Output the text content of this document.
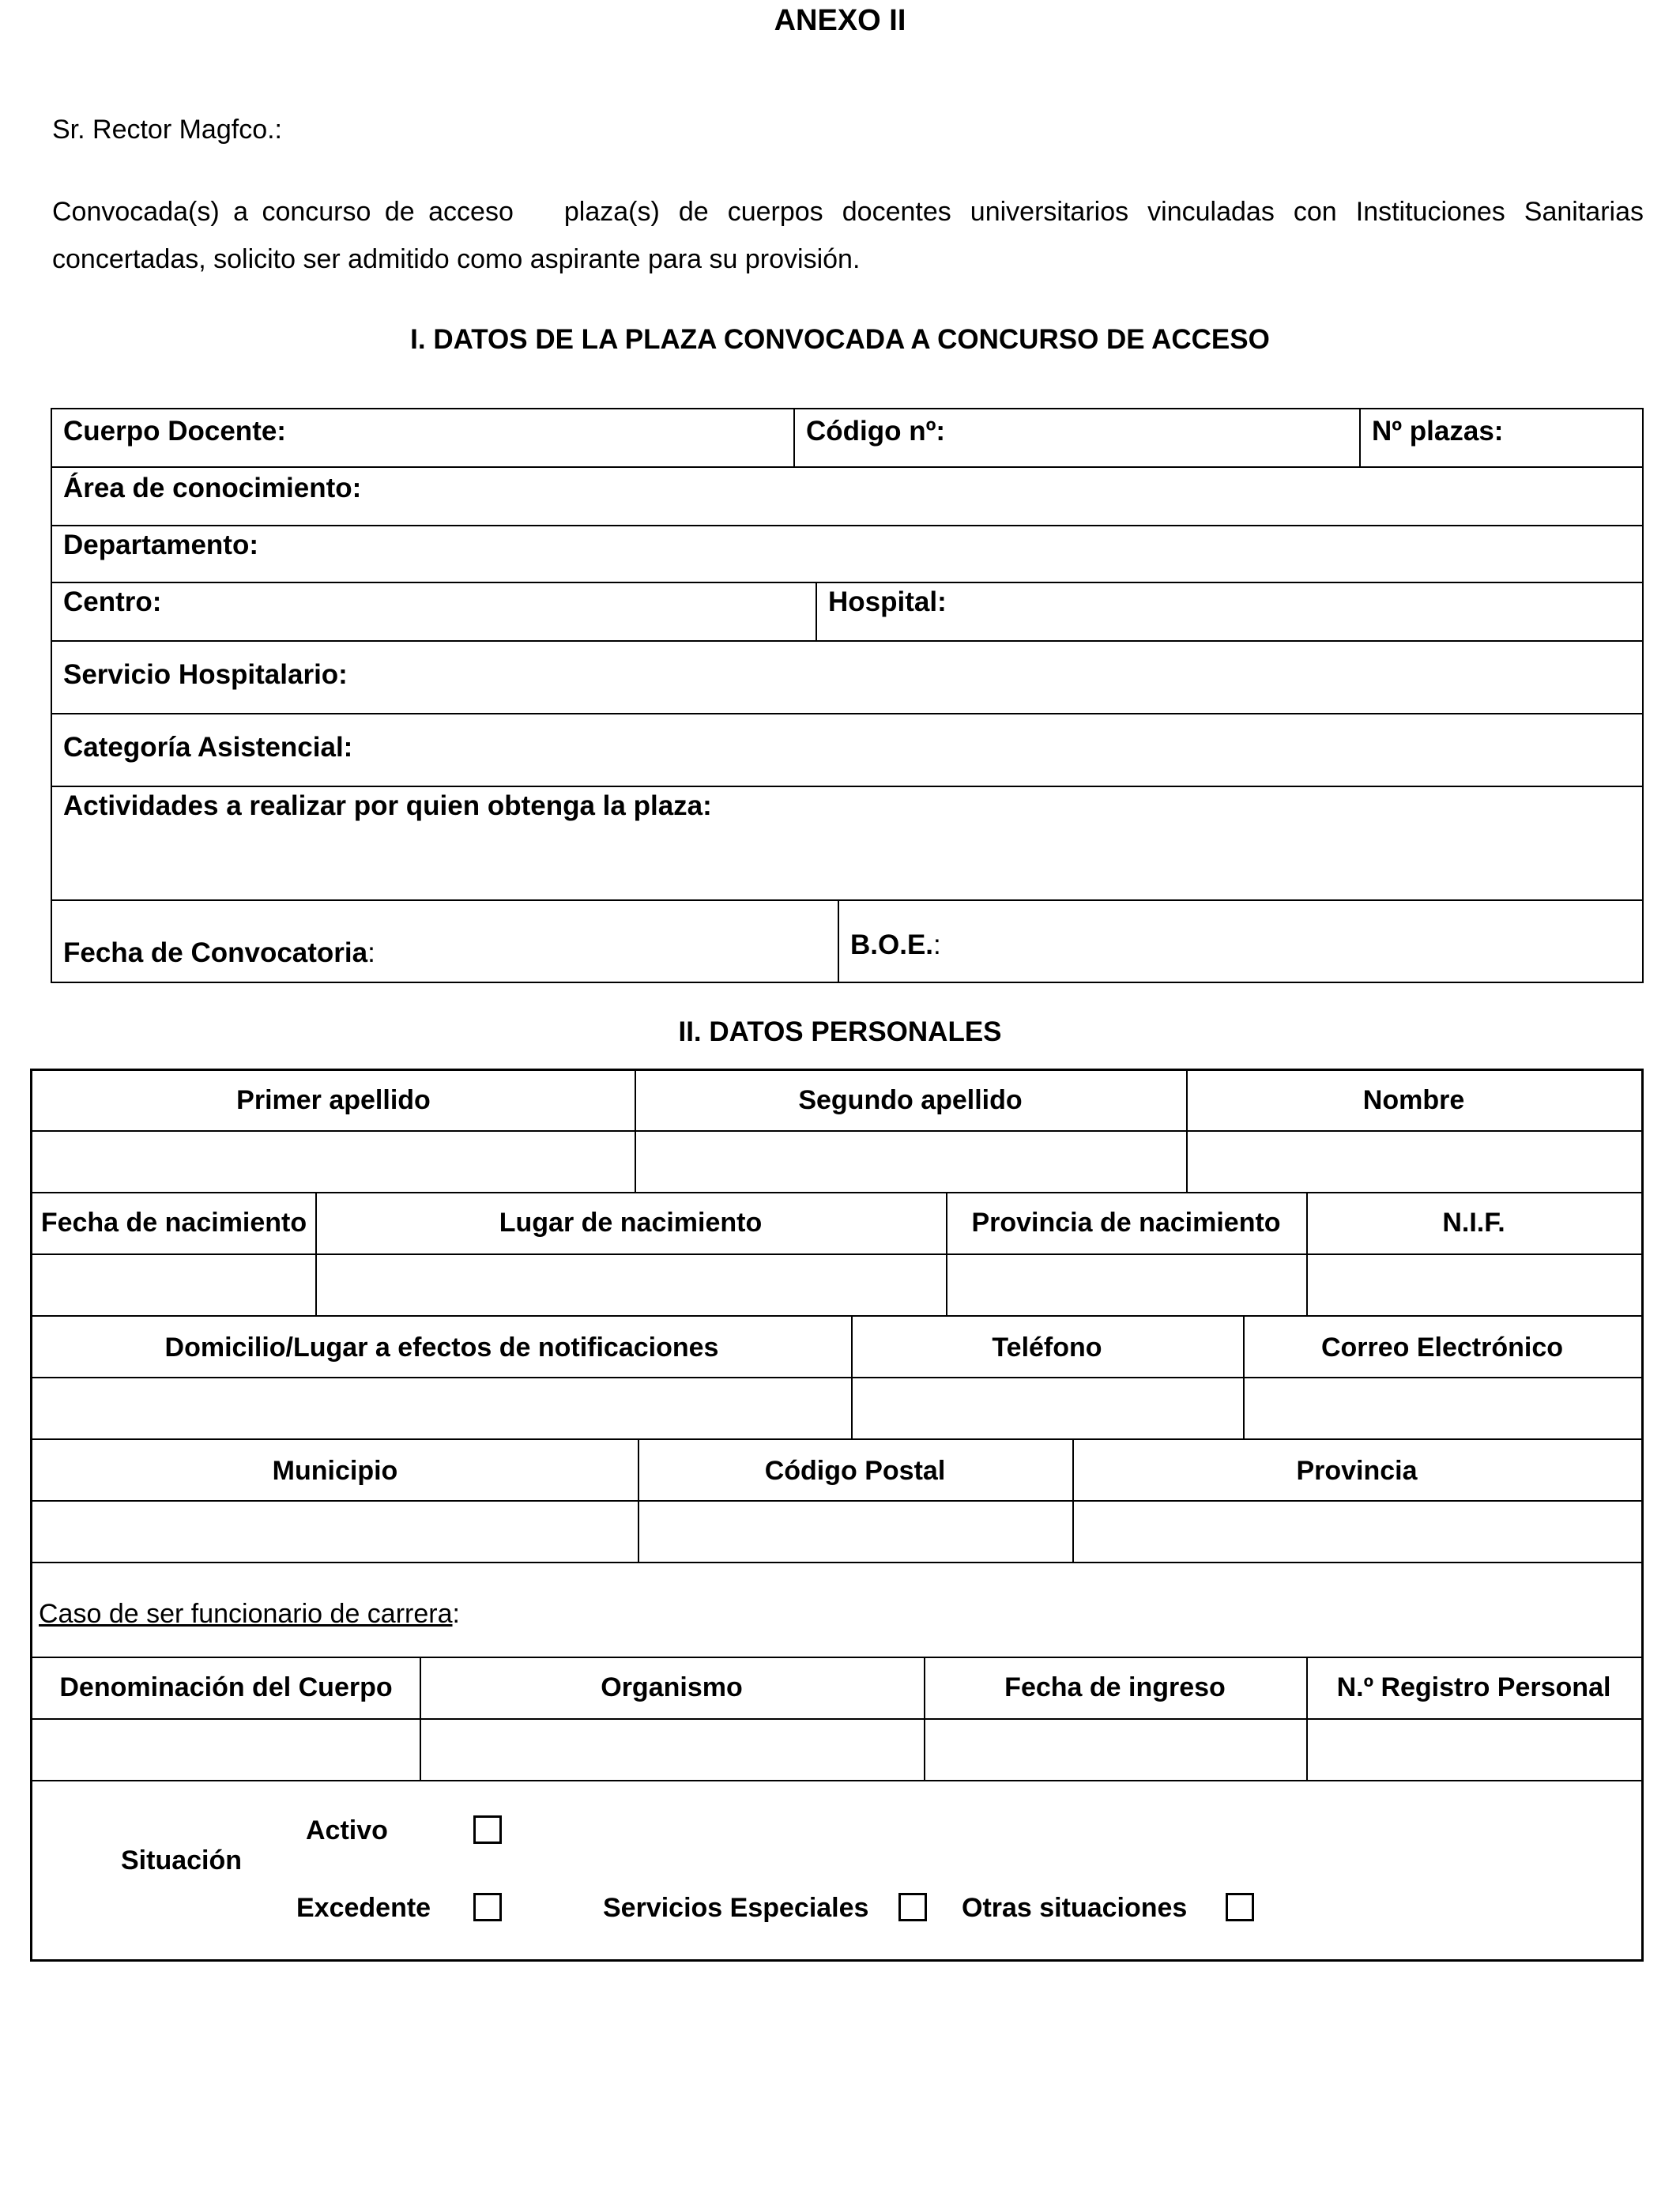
ANEXO II
Sr. Rector Magfco.:
Convocada(s) a concurso de acceso plaza(s) de cuerpos docentes universitarios vinculadas con Instituciones Sanitarias
concertadas, solicito ser admitido como aspirante para su provisión.
I. DATOS DE LA PLAZA CONVOCADA A CONCURSO DE ACCESO
Cuerpo Docente:	Código nº:	Nº plazas:
Área de conocimiento:
Departamento:
Centro:	Hospital:
Servicio Hospitalario:
Categoría Asistencial:
Actividades a realizar por quien obtenga la plaza:
Fecha de Convocatoria:	B.O.E.:
II. DATOS PERSONALES
Primer apellido	Segundo apellido	Nombre
Fecha de nacimiento	Lugar de nacimiento	Provincia de nacimiento	N.I.F.
Domicilio/Lugar a efectos de notificaciones	Teléfono	Correo Electrónico
Municipio	Código Postal	Provincia
Caso de ser funcionario de carrera:
Denominación del Cuerpo	Organismo	Fecha de ingreso	N.º Registro Personal
Situación
Activo
Excedente	Servicios Especiales	Otras situaciones
